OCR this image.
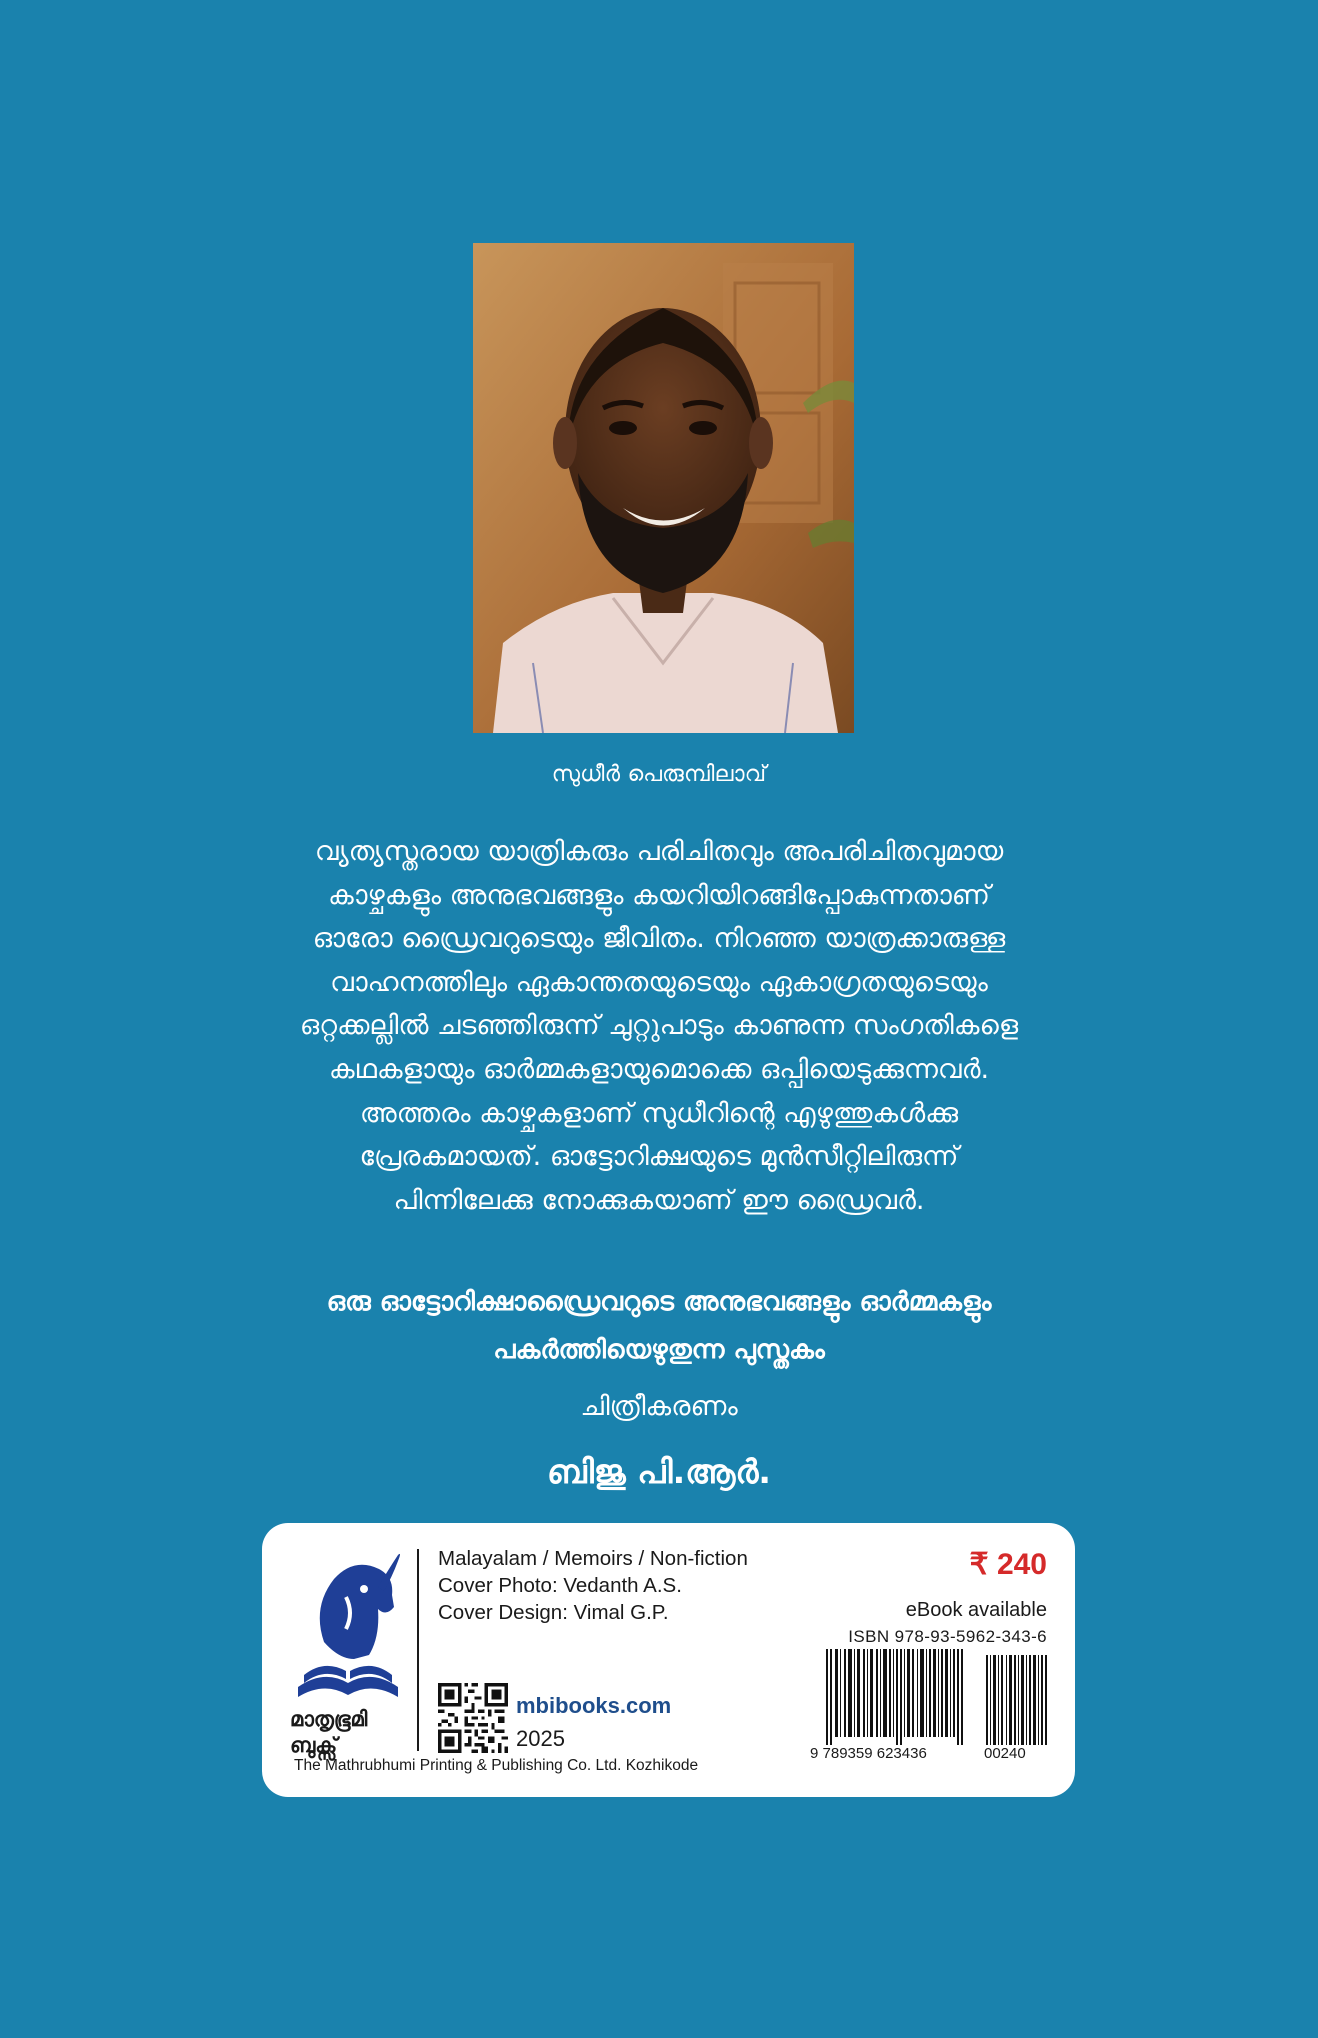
സുധീർ പെരുമ്പിലാവ്
വ്യത്യസ്തരായ യാത്രികരും പരിചിതവും അപരിചിതവുമായ
കാഴ്ചകളും അനുഭവങ്ങളും കയറിയിറങ്ങിപ്പോകുന്നതാണ്
ഓരോ ഡ്രൈവറുടെയും ജീവിതം. നിറഞ്ഞ യാത്രക്കാരുള്ള
വാഹനത്തിലും ഏകാന്തതയുടെയും ഏകാഗ്രതയുടെയും
ഒറ്റക്കല്ലിൽ ചടഞ്ഞിരുന്ന് ചുറ്റുപാടും കാണുന്ന സംഗതികളെ
കഥകളായും ഓർമ്മകളായുമൊക്കെ ഒപ്പിയെടുക്കുന്നവർ.
അത്തരം കാഴ്ചകളാണ് സുധീറിന്റെ എഴുത്തുകൾക്കു
പ്രേരകമായത്. ഓട്ടോറിക്ഷയുടെ മുൻസീറ്റിലിരുന്ന്
പിന്നിലേക്കു നോക്കുകയാണ് ഈ ഡ്രൈവർ.
ഒരു ഓട്ടോറിക്ഷാഡ്രൈവറുടെ അനുഭവങ്ങളും ഓർമ്മകളും
പകർത്തിയെഴുതുന്ന പുസ്തകം
ചിത്രീകരണം
ബിജു പി.ആർ.
മാതൃഭൂമി
ബുക്സ്
The Mathrubhumi Printing & Publishing Co. Ltd. Kozhikode
Malayalam / Memoirs / Non-fiction
Cover Photo: Vedanth A.S.
Cover Design: Vimal G.P.
mbibooks.com
2025
₹ 240
eBook available
ISBN 978-93-5962-343-6
9 789359 623436	00240
